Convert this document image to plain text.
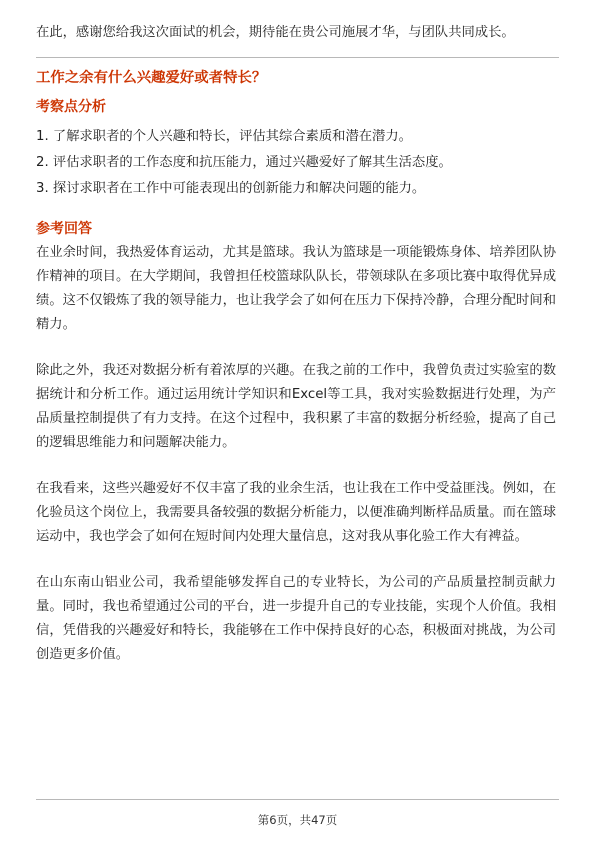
在此，感谢您给我这次面试的机会，期待能在贵公司施展才华，与团队共同成长。

工作之余有什么兴趣爱好或者特长？
考察点分析
1. 了解求职者的个人兴趣和特长，评估其综合素质和潜在潜力。
2. 评估求职者的工作态度和抗压能力，通过兴趣爱好了解其生活态度。
3. 探讨求职者在工作中可能表现出的创新能力和解决问题的能力。
参考回答

在业余时间，我热爱体育运动，尤其是篮球。我认为篮球是一项能锻炼身体、培养团队协作精神的项目。在大学期间，我曾担任校篮球队队长，带领球队在多项比赛中取得优异成绩。这不仅锻炼了我的领导能力，也让我学会了如何在压力下保持冷静，合理分配时间和精力。

除此之外，我还对数据分析有着浓厚的兴趣。在我之前的工作中，我曾负责过实验室的数据统计和分析工作。通过运用统计学知识和Excel等工具，我对实验数据进行处理，为产品质量控制提供了有力支持。在这个过程中，我积累了丰富的数据分析经验，提高了自己的逻辑思维能力和问题解决能力。

在我看来，这些兴趣爱好不仅丰富了我的业余生活，也让我在工作中受益匪浅。例如，在化验员这个岗位上，我需要具备较强的数据分析能力，以便准确判断样品质量。而在篮球运动中，我也学会了如何在短时间内处理大量信息，这对我从事化验工作大有裨益。

在山东南山铝业公司，我希望能够发挥自己的专业特长，为公司的产品质量控制贡献力量。同时，我也希望通过公司的平台，进一步提升自己的专业技能，实现个人价值。我相信，凭借我的兴趣爱好和特长，我能够在工作中保持良好的心态，积极面对挑战，为公司创造更多价值。

第6页，共47页
